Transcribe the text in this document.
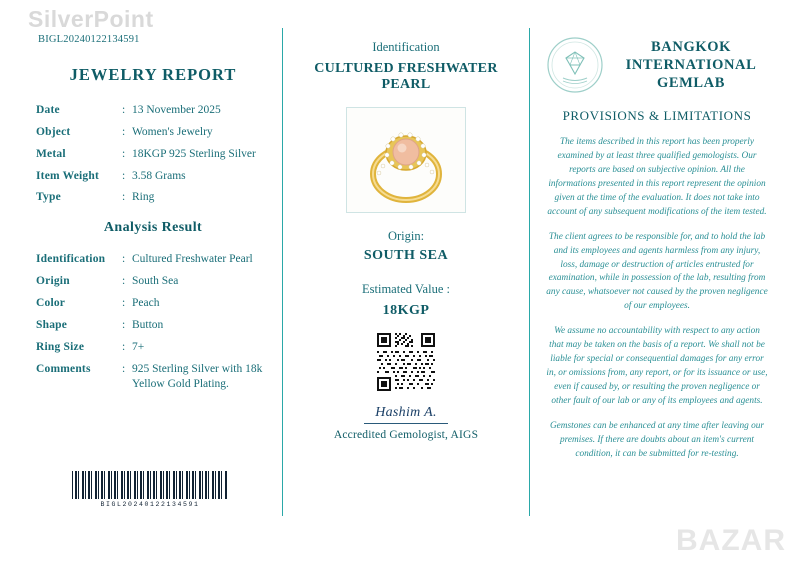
SilverPoint
BAZAR
BIGL20240122134591
JEWELRY REPORT
Date	: 13 November 2025
Object	: Women's Jewelry
Metal	: 18KGP 925 Sterling Silver
Item Weight	: 3.58 Grams
Type	: Ring
Analysis Result
Identification	: Cultured Freshwater Pearl
Origin	: South Sea
Color	: Peach
Shape	: Button
Ring Size	: 7+
Comments	: 925 Sterling Silver with 18k Yellow Gold Plating.
BIGL20240122134591
Identification
CULTURED FRESHWATER PEARL
Origin:
SOUTH SEA
Estimated Value :
18KGP
Hashim A.
Accredited Gemologist, AIGS
BANGKOK INTERNATIONAL GEMLAB
PROVISIONS & LIMITATIONS

The items described in this report has been properly examined by at least three qualified gemologists. Our reports are based on subjective opinion. All the informations presented in this report represent the opinion given at the time of the evaluation. It does not take into account of any subsequent modifications of the item tested.

The client agrees to be responsible for, and to hold the lab and its employees and agents harmless from any injury, loss, damage or destruction of articles entrusted for examination, while in possession of the lab, resulting from any cause, whatsoever not caused by the proven negligence of our employees.

We assume no accountability with respect to any action that may be taken on the basis of a report. We shall not be liable for special or consequential damages for any error in, or omissions from, any report, or for its issuance or use, even if caused by, or resulting the proven negligence or other fault of our lab or any of its employees and agents.

Gemstones can be enhanced at any time after leaving our premises. If there are doubts about an item's current condition, it can be submitted for re-testing.
